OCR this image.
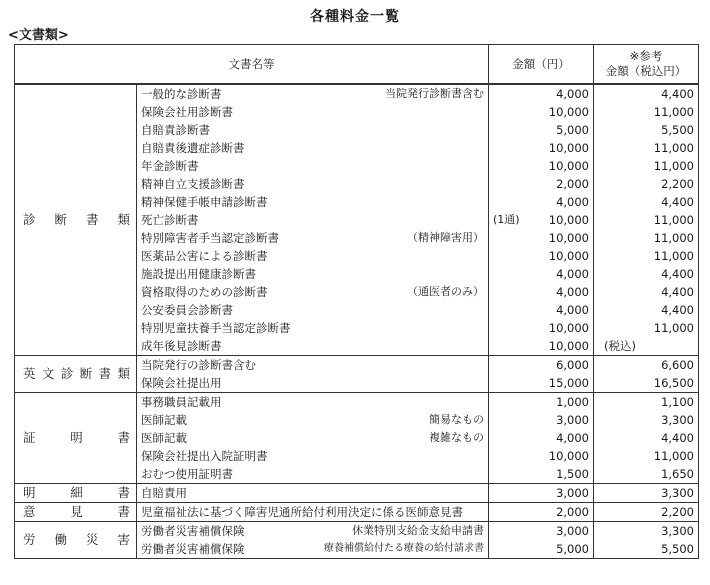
各種料金一覧
<文書類>
文書名等		金額（円）	※参考
金額（税込円）

診断書類	一般的な診断書 当院発行診断書含む	4,000	4,400

	保険会社用診断書	10,000	11,000

	自賠責診断書	5,000	5,500

	自賠責後遺症診断書	10,000	11,000

	年金診断書	10,000	11,000

	精神自立支援診断書	2,000	2,200

	精神保健手帳申請診断書	4,000	4,400

	死亡診断書	(1通) 10,000	11,000

	特別障害者手当認定診断書 （精神障害用）	10,000	11,000

	医薬品公害による診断書	10,000	11,000

	施設提出用健康診断書	4,000	4,400

	資格取得のための診断書 （通医者のみ）	4,000	4,400

	公安委員会診断書	4,000	4,400

	特別児童扶養手当認定診断書	10,000	11,000

	成年後見診断書	10,000	(税込)
英文診断書類	当院発行の診断書含む	6,000	6,600

	保険会社提出用	15,000	16,500
証明書	事務職員記載用	1,000	1,100

	医師記載 簡易なもの	3,000	3,300

	医師記載 複雑なもの	4,000	4,400

	保険会社提出入院証明書	10,000	11,000

	おむつ使用証明書	1,500	1,650
明細書	自賠責用	3,000	3,300
意見書	児童福祉法に基づく障害児通所給付利用決定に係る医師意見書	2,000	2,200
労働災害	労働者災害補償保険 休業特別支給金支給申請書	3,000	3,300

	労働者災害補償保険 療養補償給付たる療養の給付請求書	5,000	5,500
